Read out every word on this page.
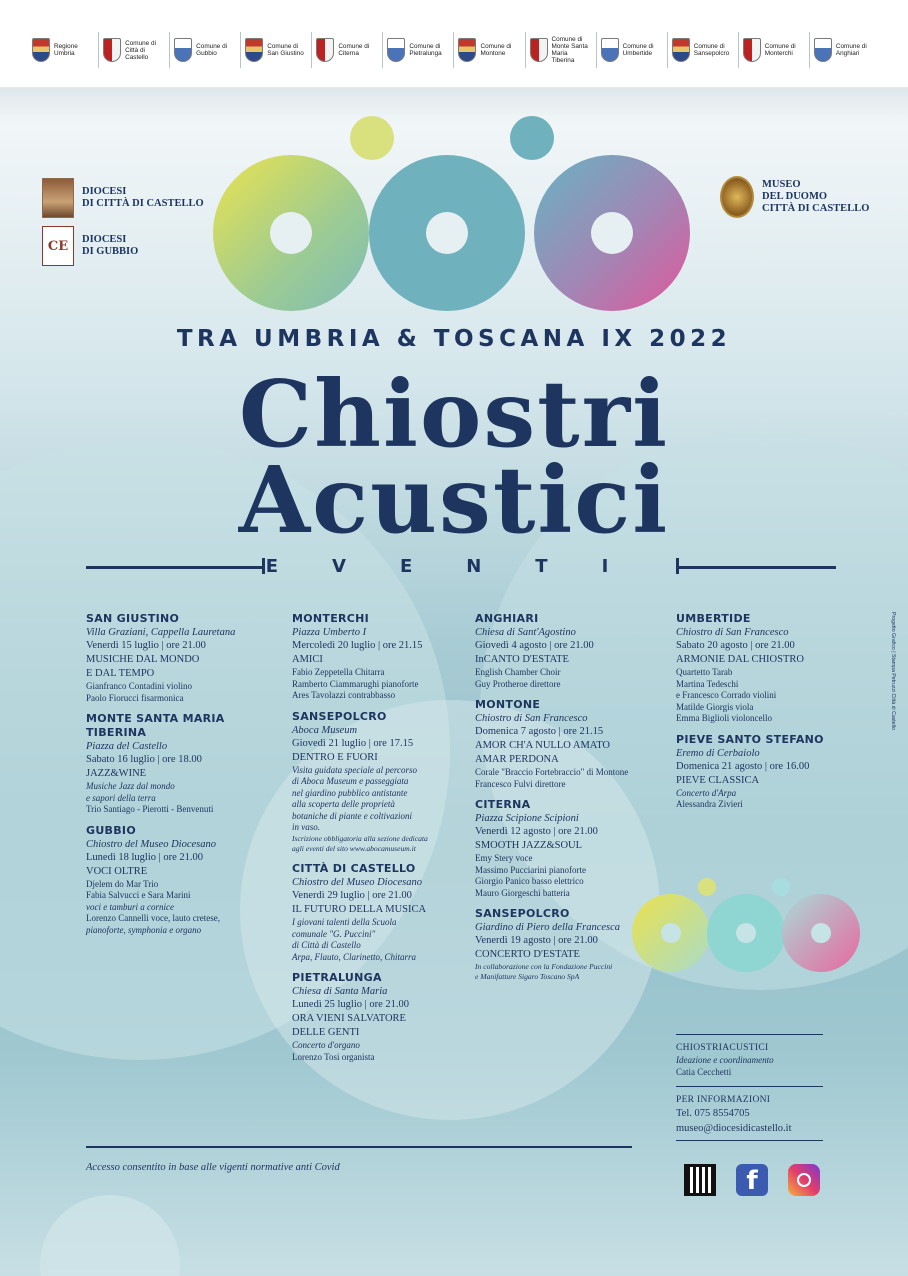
Regione Umbria
Comune di
Città di Castello
Comune di
Gubbio
Comune di
San Giustino
Comune di
Citerna
Comune di
Pietralunga
Comune di
Montone
Comune di
Monte Santa Maria
Tiberina
Comune di
Umbertide
Comune di
Sansepolcro
Comune di
Monterchi
Comune di
Anghiari
DIOCESI
DI CITTÀ DI CASTELLO
CE	DIOCESI
DI GUBBIO
MUSEO
DEL DUOMO
CITTÀ DI CASTELLO
TRA UMBRIA & TOSCANA IX 2022
Chiostri
Acustici
EVENTI
SAN GIUSTINO
Villa Graziani, Cappella Lauretana
Venerdì 15 luglio | ore 21.00
MUSICHE DAL MONDO
E DAL TEMPO
Gianfranco Contadini violino
Paolo Fiorucci fisarmonica
MONTE SANTA MARIA
TIBERINA
Piazza del Castello
Sabato 16 luglio | ore 18.00
JAZZ&WINE
Musiche Jazz dal mondo
e sapori della terra
Trio Santiago - Pierotti - Benvenuti
GUBBIO
Chiostro del Museo Diocesano
Lunedì 18 luglio | ore 21.00
VOCI OLTRE
Djelem do Mar Trio
Fabia Salvucci e Sara Marini
voci e tamburi a cornice
Lorenzo Cannelli voce, lauto cretese,
pianoforte, symphonia e organo
MONTERCHI
Piazza Umberto I
Mercoledì 20 luglio | ore 21.15
AMICI
Fabio Zeppetella Chitarra
Ramberto Ciammarughi pianoforte
Ares Tavolazzi contrabbasso
SANSEPOLCRO
Aboca Museum
Giovedì 21 luglio | ore 17.15
DENTRO E FUORI
Visita guidata speciale al percorso
di Aboca Museum e passeggiata
nel giardino pubblico antistante
alla scoperta delle proprietà
botaniche di piante e coltivazioni
in vaso.
Iscrizione obbligatoria alla sezione dedicata
agli eventi del sito www.abocamuseum.it
CITTÀ DI CASTELLO
Chiostro del Museo Diocesano
Venerdì 29 luglio | ore 21.00
IL FUTURO DELLA MUSICA
I giovani talenti della Scuola
comunale "G. Puccini"
di Città di Castello
Arpa, Flauto, Clarinetto, Chitarra
PIETRALUNGA
Chiesa di Santa Maria
Lunedì 25 luglio | ore 21.00
ORA VIENI SALVATORE
DELLE GENTI
Concerto d'organo
Lorenzo Tosi organista
ANGHIARI
Chiesa di Sant'Agostino
Giovedì 4 agosto | ore 21.00
InCANTO D'ESTATE
English Chamber Choir
Guy Protheroe direttore
MONTONE
Chiostro di San Francesco
Domenica 7 agosto | ore 21.15
AMOR CH'A NULLO AMATO
AMAR PERDONA
Corale "Braccio Fortebraccio" di Montone
Francesco Fulvi direttore
CITERNA
Piazza Scipione Scipioni
Venerdì 12 agosto | ore 21.00
SMOOTH JAZZ&SOUL
Emy Stery voce
Massimo Pucciarini pianoforte
Giorgio Panico basso elettrico
Mauro Giorgeschi batteria
SANSEPOLCRO
Giardino di Piero della Francesca
Venerdì 19 agosto | ore 21.00
CONCERTO D'ESTATE
In collaborazione con la Fondazione Puccini
e Manifatture Sigaro Toscano SpA
UMBERTIDE
Chiostro di San Francesco
Sabato 20 agosto | ore 21.00
ARMONIE DAL CHIOSTRO
Quartetto Tarab
Martina Tedeschi
e Francesco Corrado violini
Matilde Giorgis viola
Emma Biglioli violoncello
PIEVE SANTO STEFANO
Eremo di Cerbaiolo
Domenica 21 agosto | ore 16.00
PIEVE CLASSICA
Concerto d'Arpa
Alessandra Zivieri
CHIOSTRIACUSTICI
Ideazione e coordinamento
Catia Cecchetti
PER INFORMAZIONI
Tel. 075 8554705
museo@diocesidicastello.it
Accesso consentito in base alle vigenti normative anti Covid	f
Progetto Grafico | Stampa Petruzzi Città di Castello
